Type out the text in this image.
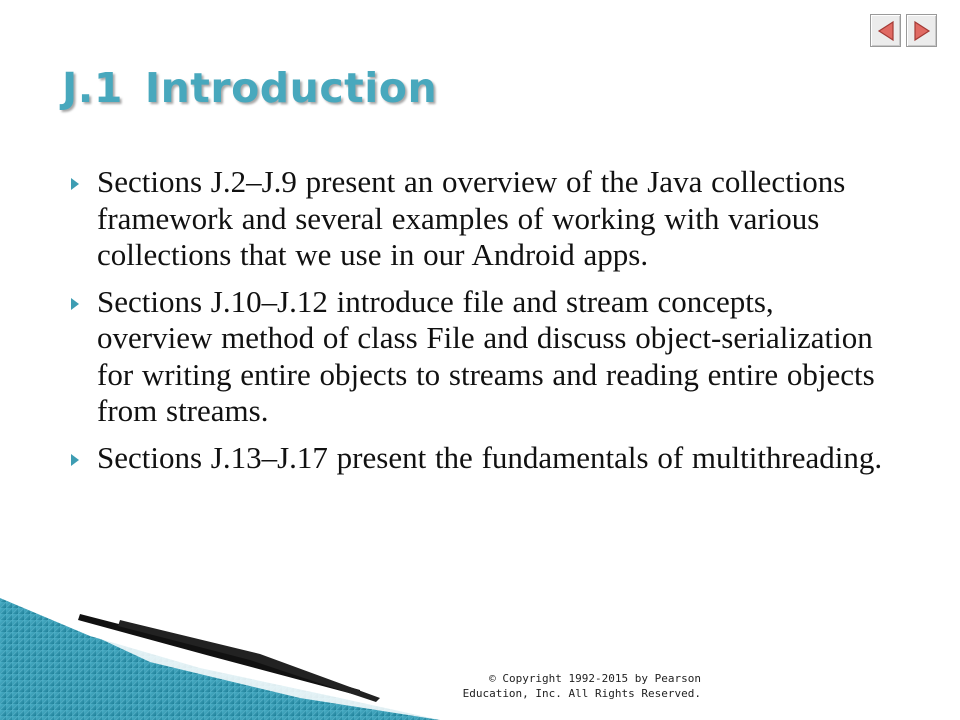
J.1 Introduction
Sections J.2–J.9 present an overview of the Java collections framework and several examples of working with various collections that we use in our Android apps.
Sections J.10–J.12 introduce file and stream concepts, overview method of class File and discuss object-serialization for writing entire objects to streams and reading entire objects from streams.
Sections J.13–J.17 present the fundamentals of multithreading.
© Copyright 1992-2015 by Pearson
Education, Inc. All Rights Reserved.
